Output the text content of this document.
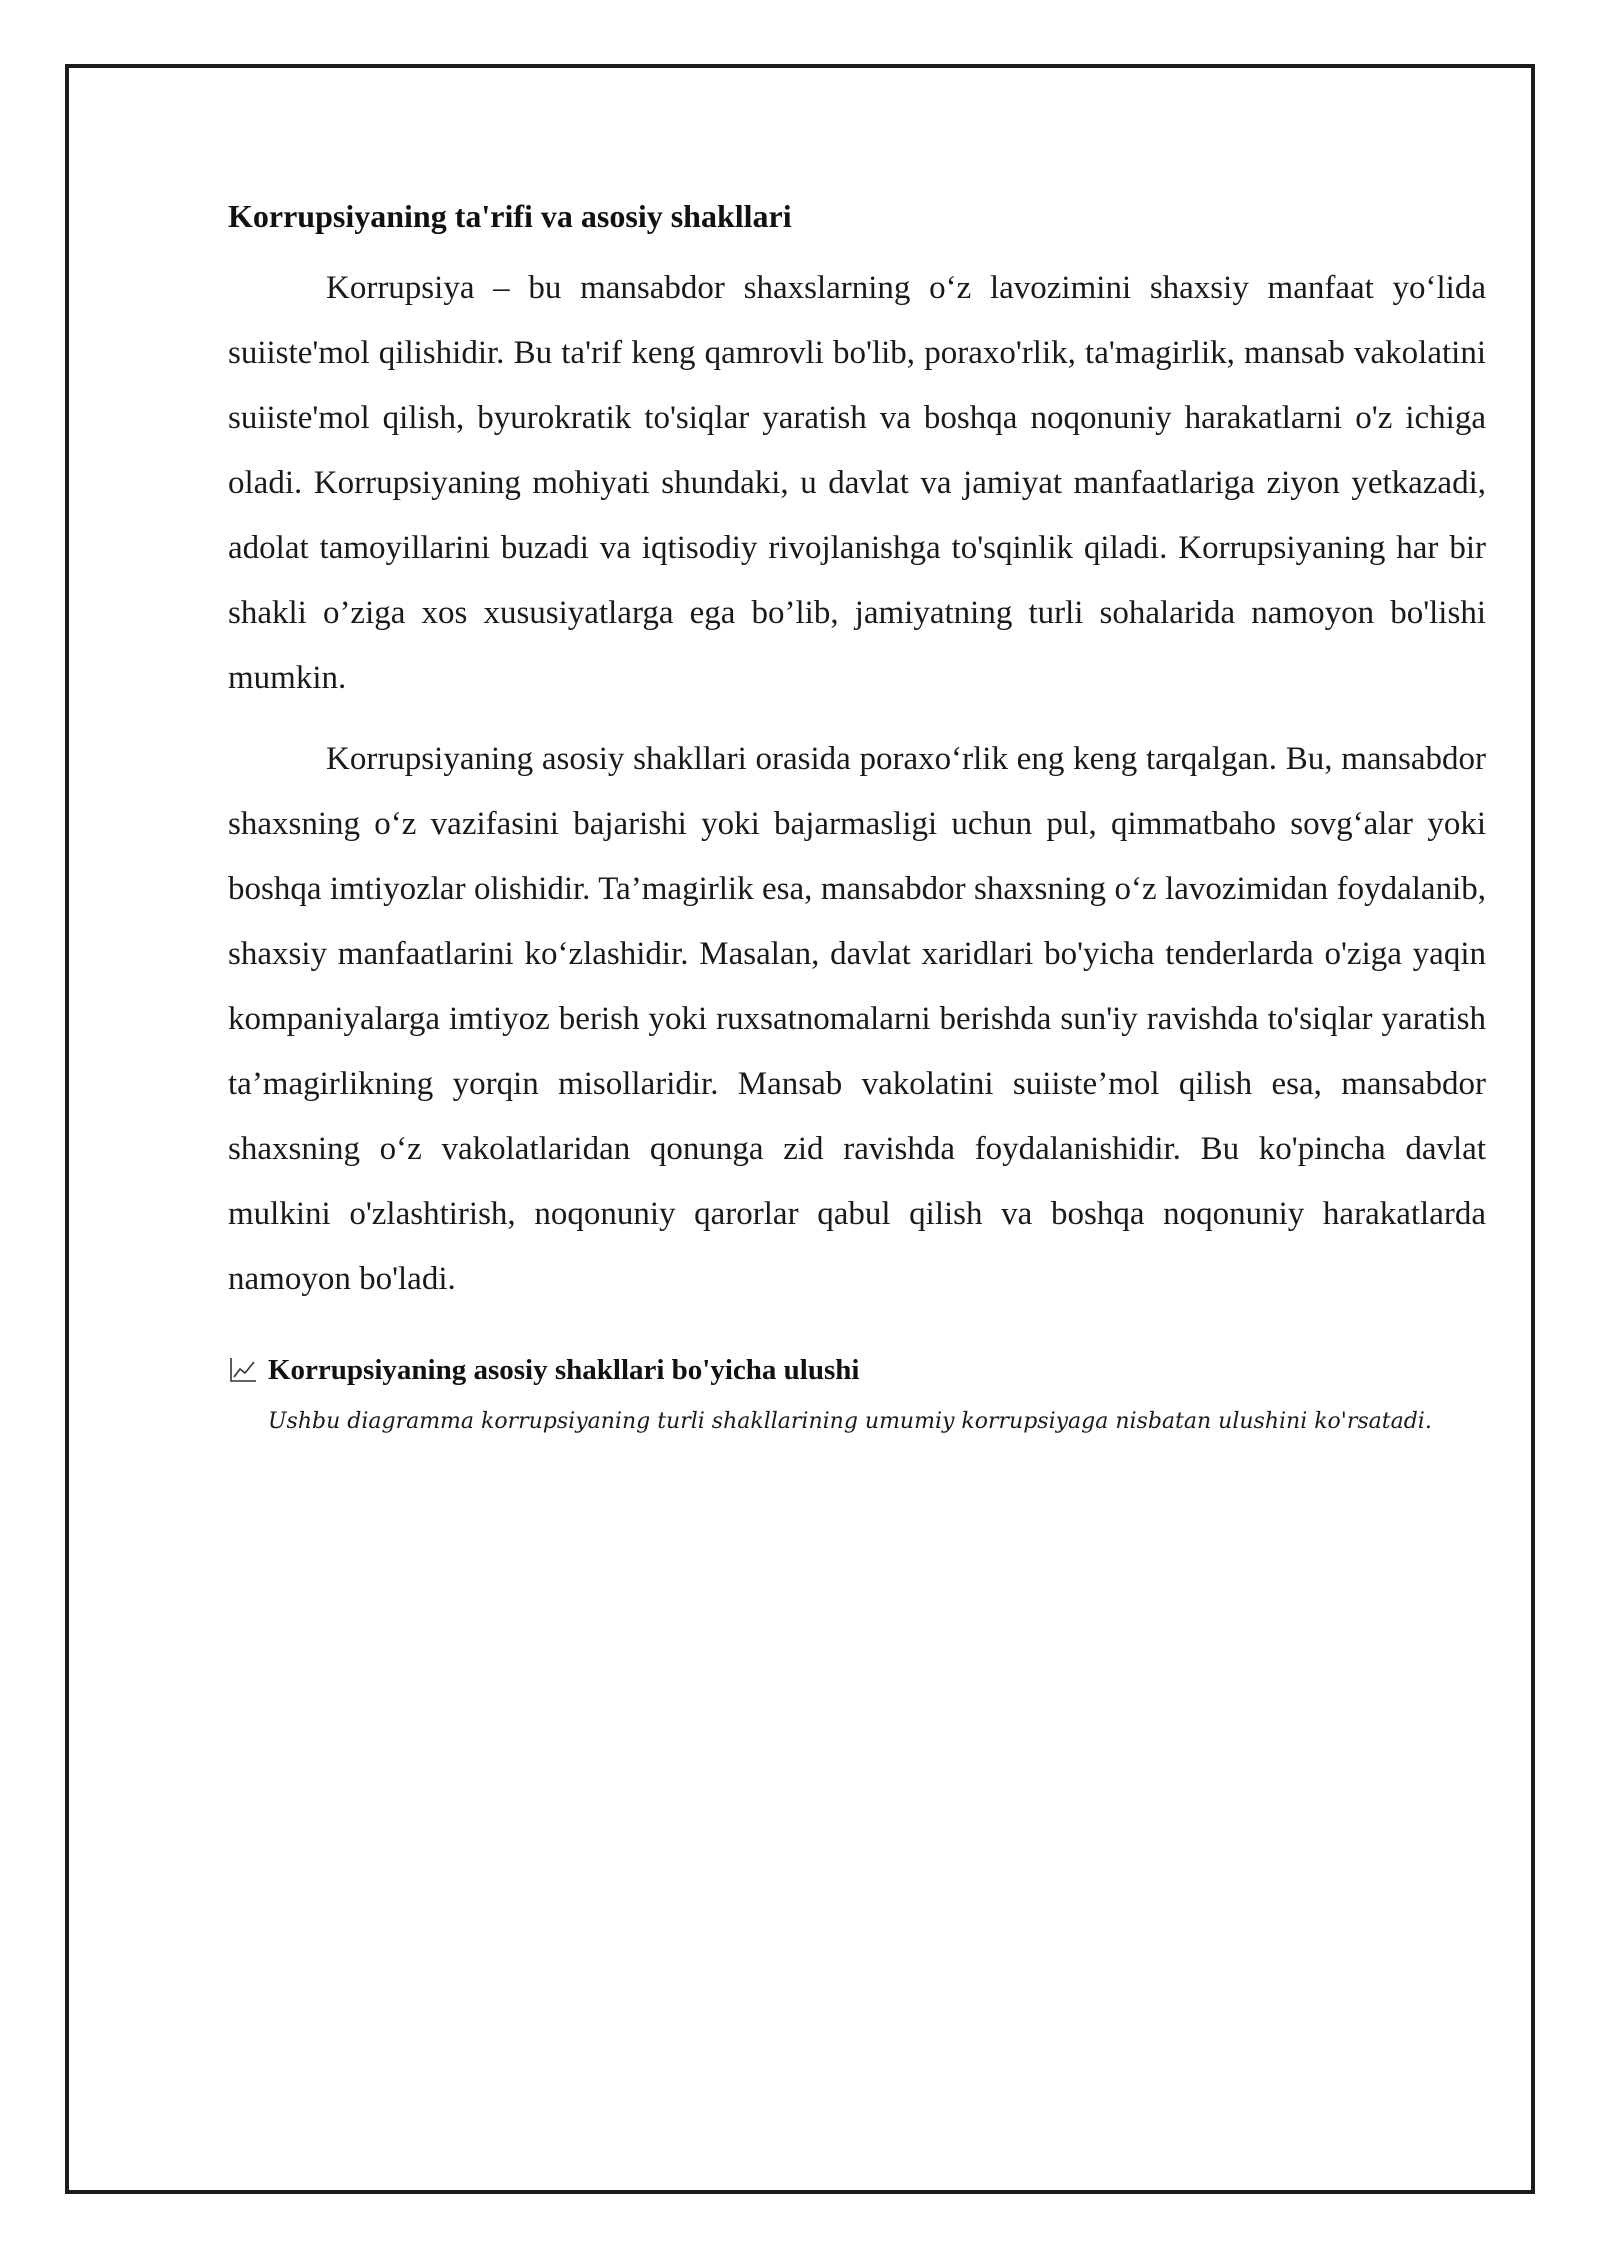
Korrupsiyaning ta'rifi va asosiy shakllari

Korrupsiya – bu mansabdor shaxslarning o‘z lavozimini shaxsiy manfaat yo‘lida suiiste'mol qilishidir. Bu ta'rif keng qamrovli bo'lib, poraxo'rlik, ta'magirlik, mansab vakolatini suiiste'mol qilish, byurokratik to'siqlar yaratish va boshqa noqonuniy harakatlarni o'z ichiga oladi. Korrupsiyaning mohiyati shundaki, u davlat va jamiyat manfaatlariga ziyon yetkazadi, adolat tamoyillarini buzadi va iqtisodiy rivojlanishga to'sqinlik qiladi. Korrupsiyaning har bir shakli o’ziga xos xususiyatlarga ega bo’lib, jamiyatning turli sohalarida namoyon bo'lishi mumkin.

Korrupsiyaning asosiy shakllari orasida poraxo‘rlik eng keng tarqalgan. Bu, mansabdor shaxsning o‘z vazifasini bajarishi yoki bajarmasligi uchun pul, qimmatbaho sovg‘alar yoki boshqa imtiyozlar olishidir. Ta’magirlik esa, mansabdor shaxsning o‘z lavozimidan foydalanib, shaxsiy manfaatlarini ko‘zlashidir. Masalan, davlat xaridlari bo'yicha tenderlarda o'ziga yaqin kompaniyalarga imtiyoz berish yoki ruxsatnomalarni berishda sun'iy ravishda to'siqlar yaratish ta’magirlikning yorqin misollaridir. Mansab vakolatini suiiste’mol qilish esa, mansabdor shaxsning o‘z vakolatlaridan qonunga zid ravishda foydalanishidir. Bu ko'pincha davlat mulkini o'zlashtirish, noqonuniy qarorlar qabul qilish va boshqa noqonuniy harakatlarda namoyon bo'ladi.

Korrupsiyaning asosiy shakllari bo'yicha ulushi
Ushbu diagramma korrupsiyaning turli shakllarining umumiy korrupsiyaga nisbatan ulushini ko'rsatadi.
